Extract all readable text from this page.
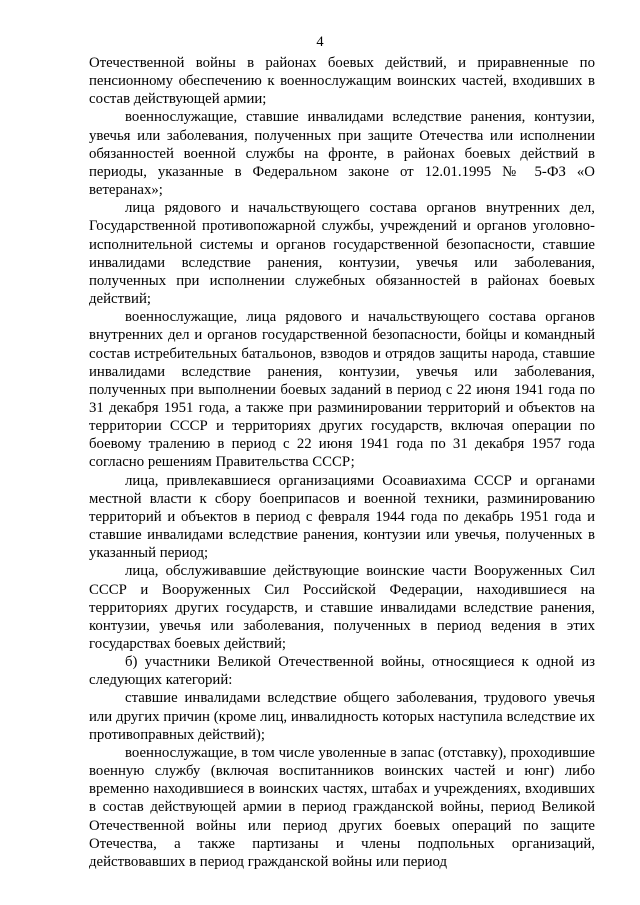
4

Отечественной войны в районах боевых действий, и приравненные по пенсионному обеспечению к военнослужащим воинских частей, входивших в состав действующей армии;

военнослужащие, ставшие инвалидами вследствие ранения, контузии, увечья или заболевания, полученных при защите Отечества или исполнении обязанностей военной службы на фронте, в районах боевых действий в периоды, указанные в Федеральном законе от 12.01.1995 № 5-ФЗ «О ветеранах»;

лица рядового и начальствующего состава органов внутренних дел, Государственной противопожарной службы, учреждений и органов уголовно-исполнительной системы и органов государственной безопасности, ставшие инвалидами вследствие ранения, контузии, увечья или заболевания, полученных при исполнении служебных обязанностей в районах боевых действий;

военнослужащие, лица рядового и начальствующего состава органов внутренних дел и органов государственной безопасности, бойцы и командный состав истребительных батальонов, взводов и отрядов защиты народа, ставшие инвалидами вследствие ранения, контузии, увечья или заболевания, полученных при выполнении боевых заданий в период с 22 июня 1941 года по 31 декабря 1951 года, а также при разминировании территорий и объектов на территории СССР и территориях других государств, включая операции по боевому тралению в период с 22 июня 1941 года по 31 декабря 1957 года согласно решениям Правительства СССР;

лица, привлекавшиеся организациями Осоавиахима СССР и органами местной власти к сбору боеприпасов и военной техники, разминированию территорий и объектов в период с февраля 1944 года по декабрь 1951 года и ставшие инвалидами вследствие ранения, контузии или увечья, полученных в указанный период;

лица, обслуживавшие действующие воинские части Вооруженных Сил СССР и Вооруженных Сил Российской Федерации, находившиеся на территориях других государств, и ставшие инвалидами вследствие ранения, контузии, увечья или заболевания, полученных в период ведения в этих государствах боевых действий;

б) участники Великой Отечественной войны, относящиеся к одной из следующих категорий:

ставшие инвалидами вследствие общего заболевания, трудового увечья или других причин (кроме лиц, инвалидность которых наступила вследствие их противоправных действий);

военнослужащие, в том числе уволенные в запас (отставку), проходившие военную службу (включая воспитанников воинских частей и юнг) либо временно находившиеся в воинских частях, штабах и учреждениях, входивших в состав действующей армии в период гражданской войны, период Великой Отечественной войны или период других боевых операций по защите Отечества, а также партизаны и члены подпольных организаций, действовавших в период гражданской войны или период
